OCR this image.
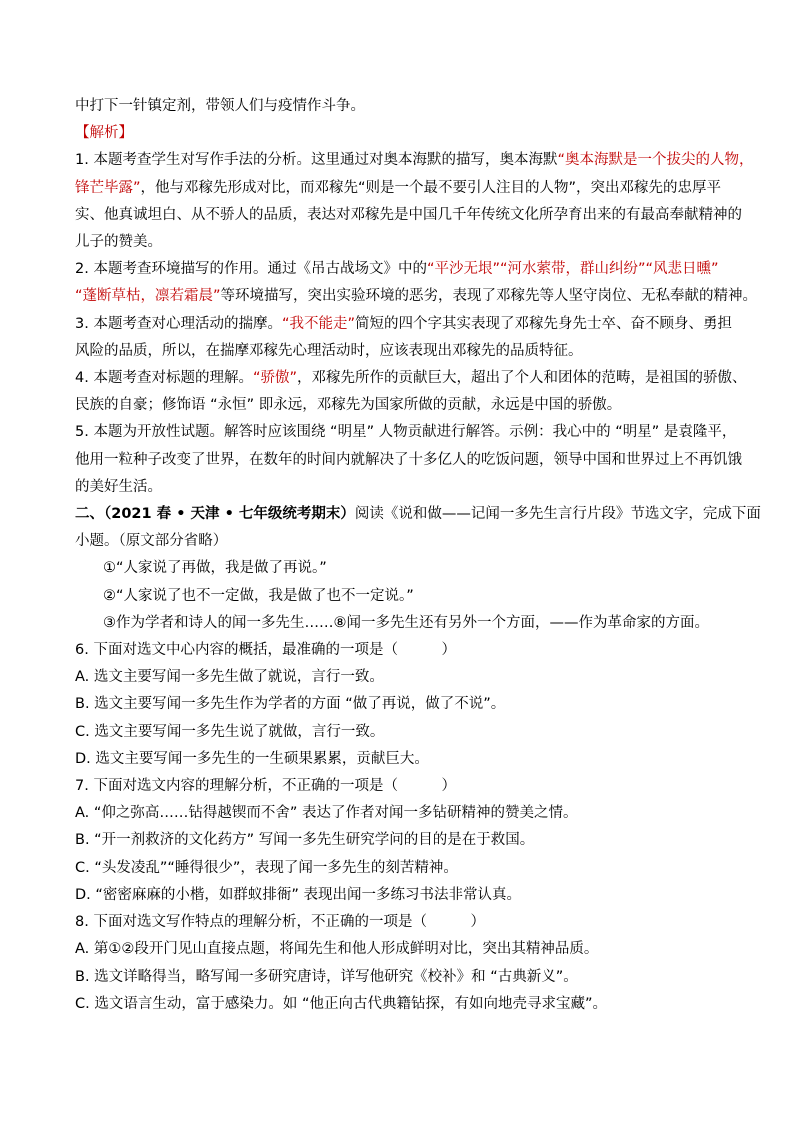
中打下一针镇定剂，带领人们与疫情作斗争。

【解析】

1. 本题考查学生对写作手法的分析。这里通过对奥本海默的描写，奥本海默“奥本海默是一个拔尖的人物，

锋芒毕露”，他与邓稼先形成对比，而邓稼先“则是一个最不要引人注目的人物”，突出邓稼先的忠厚平

实、他真诚坦白、从不骄人的品质，表达对邓稼先是中国几千年传统文化所孕育出来的有最高奉献精神的

儿子的赞美。

2. 本题考查环境描写的作用。通过《吊古战场文》中的“平沙无垠”“河水萦带，群山纠纷”“风悲日曛”

“蓬断草枯，凛若霜晨”等环境描写，突出实验环境的恶劣，表现了邓稼先等人坚守岗位、无私奉献的精神。

3. 本题考查对心理活动的揣摩。“我不能走”简短的四个字其实表现了邓稼先身先士卒、奋不顾身、勇担

风险的品质，所以，在揣摩邓稼先心理活动时，应该表现出邓稼先的品质特征。

4. 本题考查对标题的理解。“骄傲”，邓稼先所作的贡献巨大，超出了个人和团体的范畴，是祖国的骄傲、

民族的自豪；修饰语 “永恒” 即永远，邓稼先为国家所做的贡献，永远是中国的骄傲。

5. 本题为开放性试题。解答时应该围绕 “明星” 人物贡献进行解答。示例：我心中的 “明星” 是袁隆平，

他用一粒种子改变了世界，在数年的时间内就解决了十多亿人的吃饭问题，领导中国和世界过上不再饥饿

的美好生活。

二、（2021 春 • 天津 • 七年级统考期末）阅读《说和做——记闻一多先生言行片段》节选文字，完成下面

小题。（原文部分省略）

①“人家说了再做，我是做了再说。”

②“人家说了也不一定做，我是做了也不一定说。”

③作为学者和诗人的闻一多先生……⑧闻一多先生还有另外一个方面，——作为革命家的方面。

6. 下面对选文中心内容的概括，最准确的一项是（　　　）

A. 选文主要写闻一多先生做了就说，言行一致。

B. 选文主要写闻一多先生作为学者的方面 “做了再说，做了不说”。

C. 选文主要写闻一多先生说了就做，言行一致。

D. 选文主要写闻一多先生的一生硕果累累，贡献巨大。

7. 下面对选文内容的理解分析，不正确的一项是（　　　）

A. “仰之弥高……钻得越锲而不舍” 表达了作者对闻一多钻研精神的赞美之情。

B. “开一剂救济的文化药方” 写闻一多先生研究学问的目的是在于救国。

C. “头发凌乱”“睡得很少”，表现了闻一多先生的刻苦精神。

D. “密密麻麻的小楷，如群蚁排衙” 表现出闻一多练习书法非常认真。

8. 下面对选文写作特点的理解分析，不正确的一项是（　　　）

A. 第①②段开门见山直接点题，将闻先生和他人形成鲜明对比，突出其精神品质。

B. 选文详略得当，略写闻一多研究唐诗，详写他研究《校补》和 “古典新义”。

C. 选文语言生动，富于感染力。如 “他正向古代典籍钻探，有如向地壳寻求宝藏”。
